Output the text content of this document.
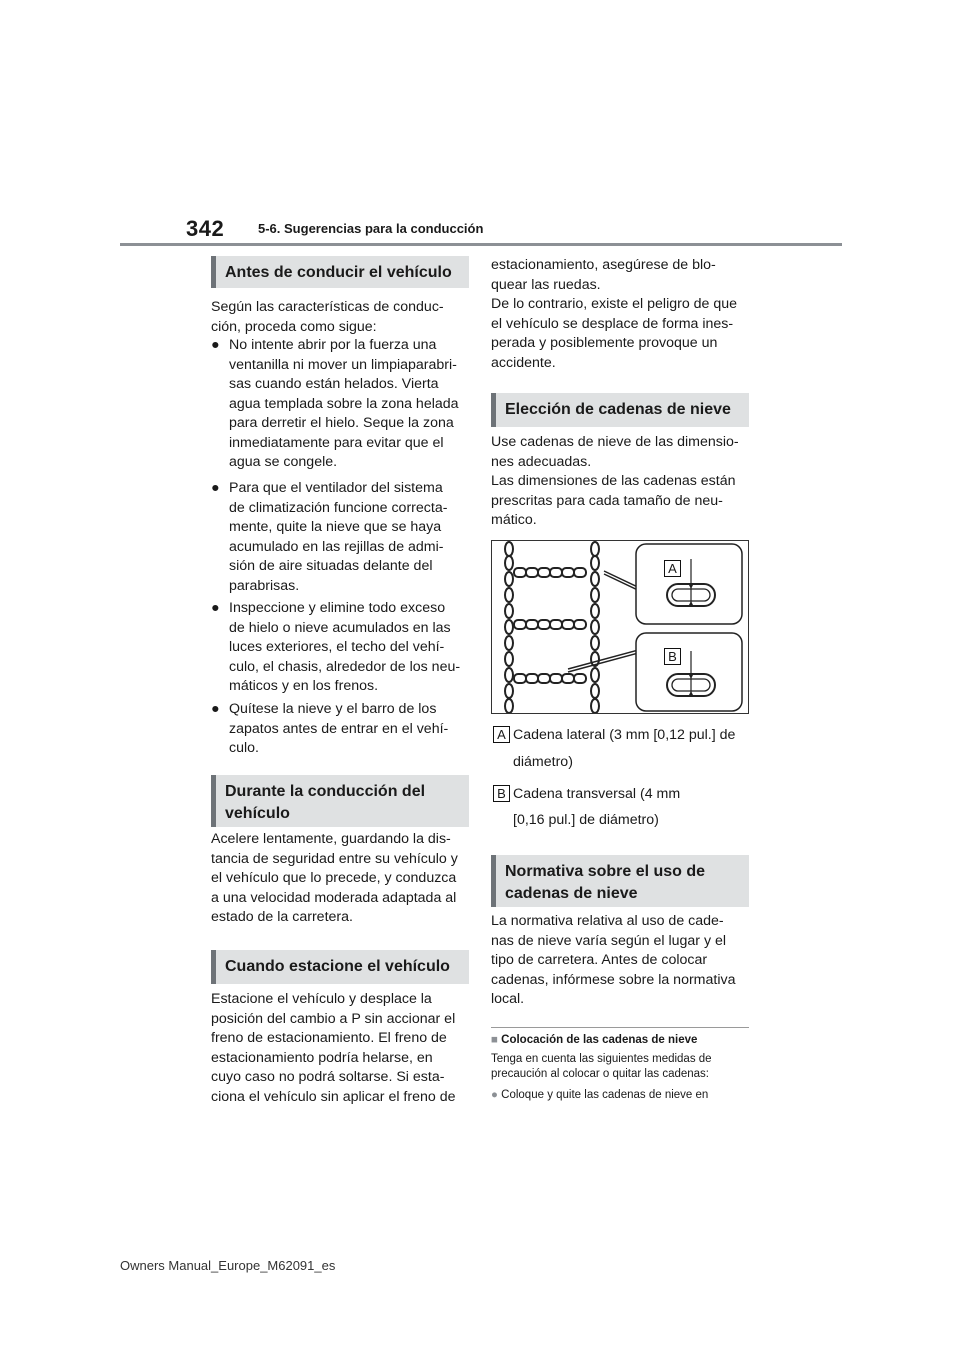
342	5-6. Sugerencias para la conducción
Antes de conducir el vehículo

Según las características de conduc-
ción, proceda como sigue:

● No intente abrir por la fuerza una
ventanilla ni mover un limpiaparabri-
sas cuando están helados. Vierta
agua templada sobre la zona helada
para derretir el hielo. Seque la zona
inmediatamente para evitar que el
agua se congele.

● Para que el ventilador del sistema
de climatización funcione correcta-
mente, quite la nieve que se haya
acumulado en las rejillas de admi-
sión de aire situadas delante del
parabrisas.

● Inspeccione y elimine todo exceso
de hielo o nieve acumulados en las
luces exteriores, el techo del vehí-
culo, el chasis, alrededor de los neu-
máticos y en los frenos.

● Quítese la nieve y el barro de los
zapatos antes de entrar en el vehí-
culo.

Durante la conducción del
vehículo

Acelere lentamente, guardando la dis-
tancia de seguridad entre su vehículo y
el vehículo que lo precede, y conduzca
a una velocidad moderada adaptada al
estado de la carretera.

Cuando estacione el vehículo

Estacione el vehículo y desplace la
posición del cambio a P sin accionar el
freno de estacionamiento. El freno de
estacionamiento podría helarse, en
cuyo caso no podrá soltarse. Si esta-
ciona el vehículo sin aplicar el freno de

estacionamiento, asegúrese de blo-
quear las ruedas.
De lo contrario, existe el peligro de que
el vehículo se desplace de forma ines-
perada y posiblemente provoque un
accidente.

Elección de cadenas de nieve

Use cadenas de nieve de las dimensio-
nes adecuadas.
Las dimensiones de las cadenas están
prescritas para cada tamaño de neu-
mático.

A
B
A Cadena lateral (3 mm [0,12 pul.] de
diámetro)
B Cadena transversal (4 mm
[0,16 pul.] de diámetro)
Normativa sobre el uso de
cadenas de nieve

La normativa relativa al uso de cade-
nas de nieve varía según el lugar y el
tipo de carretera. Antes de colocar
cadenas, infórmese sobre la normativa
local.

■ Colocación de las cadenas de nieve

Tenga en cuenta las siguientes medidas de
precaución al colocar o quitar las cadenas:

● Coloque y quite las cadenas de nieve en
Owners Manual_Europe_M62091_es
